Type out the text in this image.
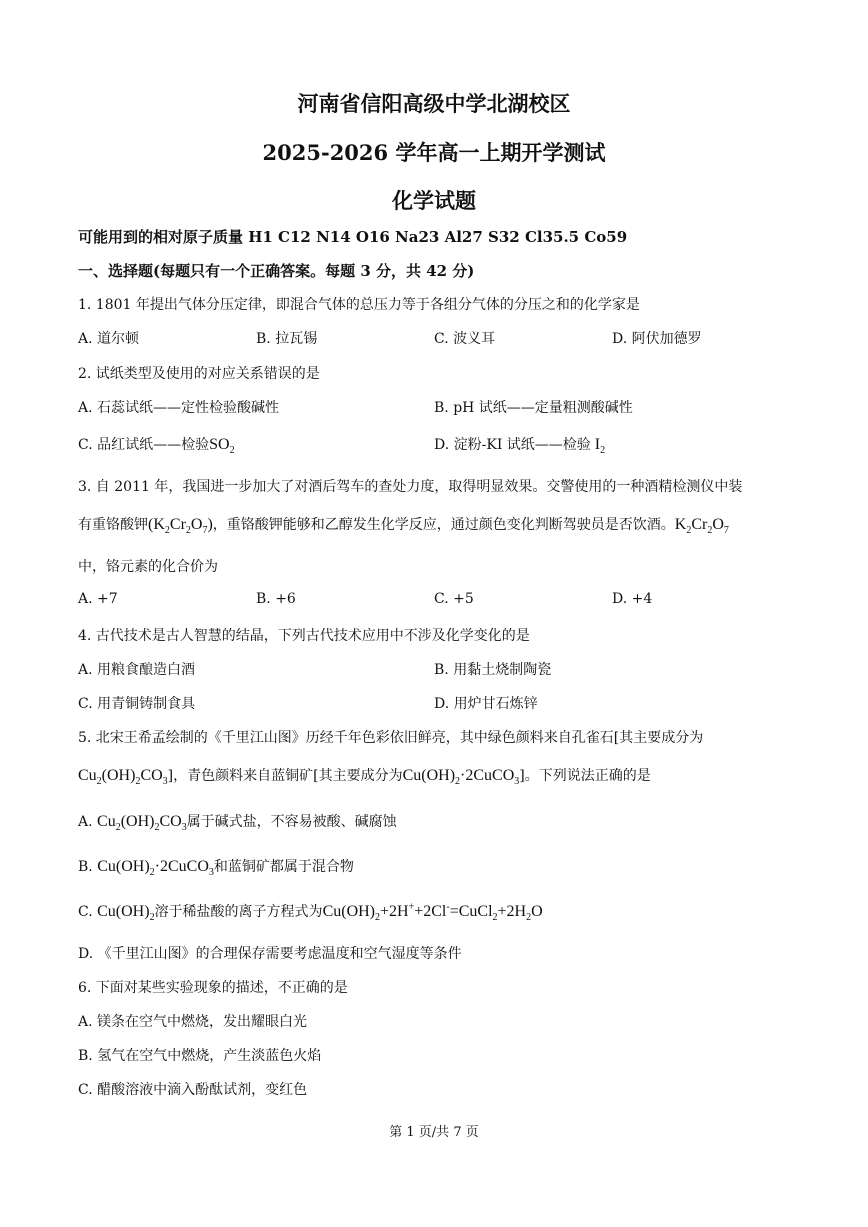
河南省信阳高级中学北湖校区
2025-2026 学年高一上期开学测试
化学试题
可能用到的相对原子质量 H1 C12 N14 O16 Na23 Al27 S32 Cl35.5 Co59
一、选择题(每题只有一个正确答案。每题 3 分，共 42 分)
1. 1801 年提出气体分压定律，即混合气体的总压力等于各组分气体的分压之和的化学家是
A. 道尔顿	B. 拉瓦锡	C. 波义耳	D. 阿伏加德罗
2. 试纸类型及使用的对应关系错误的是
A. 石蕊试纸——定性检验酸碱性	B. pH 试纸——定量粗测酸碱性
C. 品红试纸——检验$SO_2$	D. 淀粉-KI 试纸——检验 $I_2$
3. 自 2011 年，我国进一步加大了对酒后驾车的查处力度，取得明显效果。交警使用的一种酒精检测仪中装
有重铬酸钾$(K_2Cr_2O_7)$，重铬酸钾能够和乙醇发生化学反应，通过颜色变化判断驾驶员是否饮酒。$K_2Cr_2O_7$
中，铬元素的化合价为
A. +7	B. +6	C. +5	D. +4
4. 古代技术是古人智慧的结晶，下列古代技术应用中不涉及化学变化的是
A. 用粮食酿造白酒	B. 用黏土烧制陶瓷
C. 用青铜铸制食具	D. 用炉甘石炼锌
5. 北宋王希孟绘制的《千里江山图》历经千年色彩依旧鲜亮，其中绿色颜料来自孔雀石[其主要成分为
$Cu_2(OH)_2CO_3$]，青色颜料来自蓝铜矿[其主要成分为$Cu(OH)_2\cdot 2CuCO_3$]。下列说法正确的是
A. $Cu_2(OH)_2CO_3$属于碱式盐，不容易被酸、碱腐蚀
B. $Cu(OH)_2\cdot 2CuCO_3$和蓝铜矿都属于混合物
C. $Cu(OH)_2$溶于稀盐酸的离子方程式为$Cu(OH)_2+2H^++2Cl^-=CuCl_2+2H_2O$
D. 《千里江山图》的合理保存需要考虑温度和空气湿度等条件
6. 下面对某些实验现象的描述，不正确的是
A. 镁条在空气中燃烧，发出耀眼白光
B. 氢气在空气中燃烧，产生淡蓝色火焰
C. 醋酸溶液中滴入酚酞试剂，变红色
第 1 页/共 7 页
